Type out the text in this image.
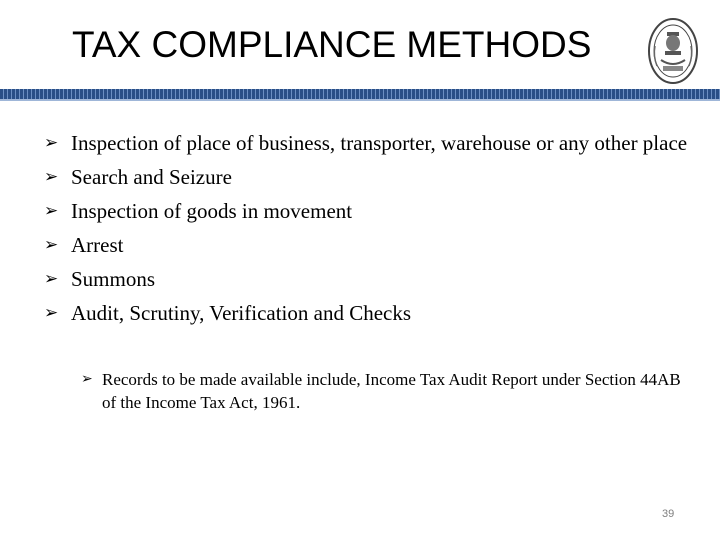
TAX COMPLIANCE METHODS
➢ Inspection of place of business, transporter, warehouse or any other place
➢ Search and Seizure
➢ Inspection of goods in movement
➢ Arrest
➢ Summons
➢ Audit, Scrutiny, Verification and Checks
➢ Records to be made available include, Income Tax Audit Report under Section 44AB of the Income Tax Act, 1961.
39
